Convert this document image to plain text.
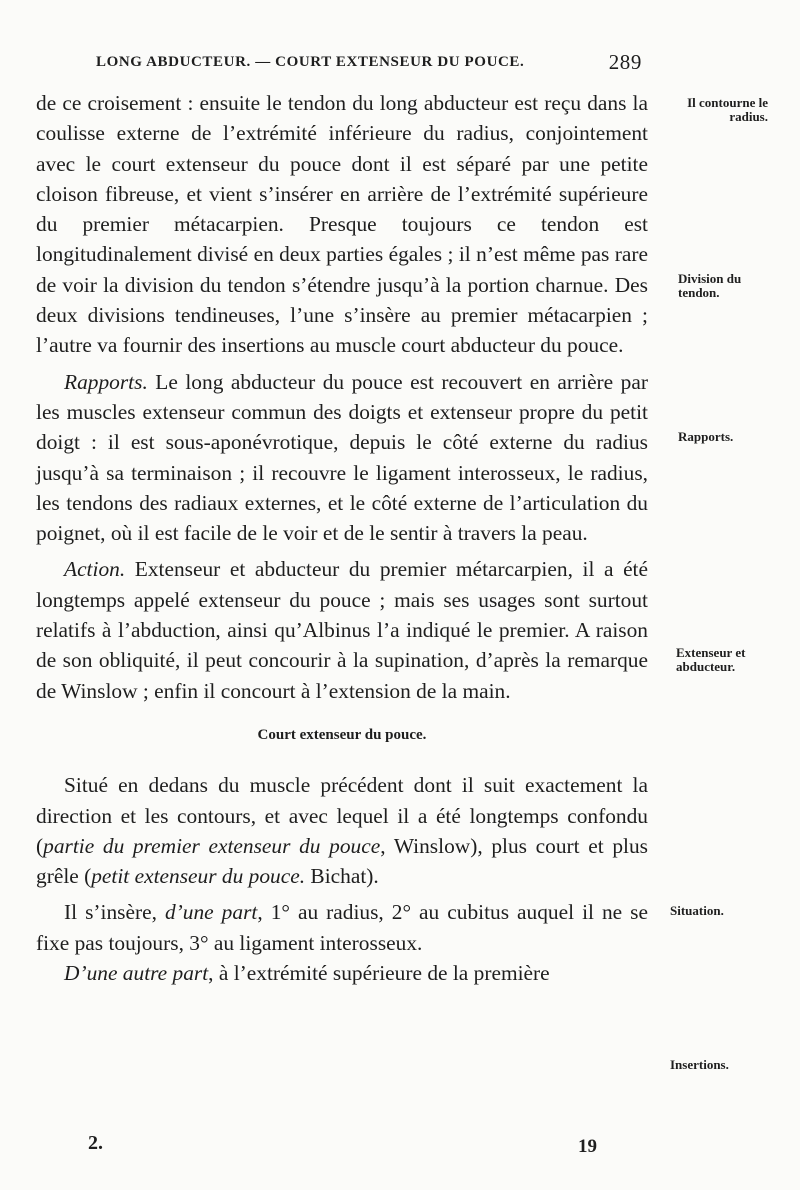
LONG ABDUCTEUR. — COURT EXTENSEUR DU POUCE.	289

de ce croisement : ensuite le tendon du long abducteur est reçu dans la coulisse externe de l’extrémité inférieure du radius, conjointement avec le court extenseur du pouce dont il est séparé par une petite cloison fibreuse, et vient s’insérer en arrière de l’extrémité supérieure du premier métacarpien. Presque toujours ce tendon est longitudinalement divisé en deux parties égales ; il n’est même pas rare de voir la division du tendon s’étendre jusqu’à la portion charnue. Des deux divisions tendineuses, l’une s’insère au premier métacarpien ; l’autre va fournir des insertions au muscle court abducteur du pouce.

Rapports. Le long abducteur du pouce est recouvert en arrière par les muscles extenseur commun des doigts et extenseur propre du petit doigt : il est sous-aponévrotique, depuis le côté externe du radius jusqu’à sa terminaison ; il recouvre le ligament interosseux, le radius, les tendons des radiaux externes, et le côté externe de l’articulation du poignet, où il est facile de le voir et de le sentir à travers la peau.

Action. Extenseur et abducteur du premier métarcarpien, il a été longtemps appelé extenseur du pouce ; mais ses usages sont surtout relatifs à l’abduction, ainsi qu’Albinus l’a indiqué le premier. A raison de son obliquité, il peut concourir à la supination, d’après la remarque de Winslow ; enfin il concourt à l’extension de la main.

Court extenseur du pouce.

Situé en dedans du muscle précédent dont il suit exactement la direction et les contours, et avec lequel il a été longtemps confondu (partie du premier extenseur du pouce, Winslow), plus court et plus grêle (petit extenseur du pouce. Bichat).

Il s’insère, d’une part, 1° au radius, 2° au cubitus auquel il ne se fixe pas toujours, 3° au ligament interosseux.

D’une autre part, à l’extrémité supérieure de la première

Il contourne le radius.
Division du tendon.
Rapports.
Extenseur et abducteur.
Situation.
Insertions.
2.	19
